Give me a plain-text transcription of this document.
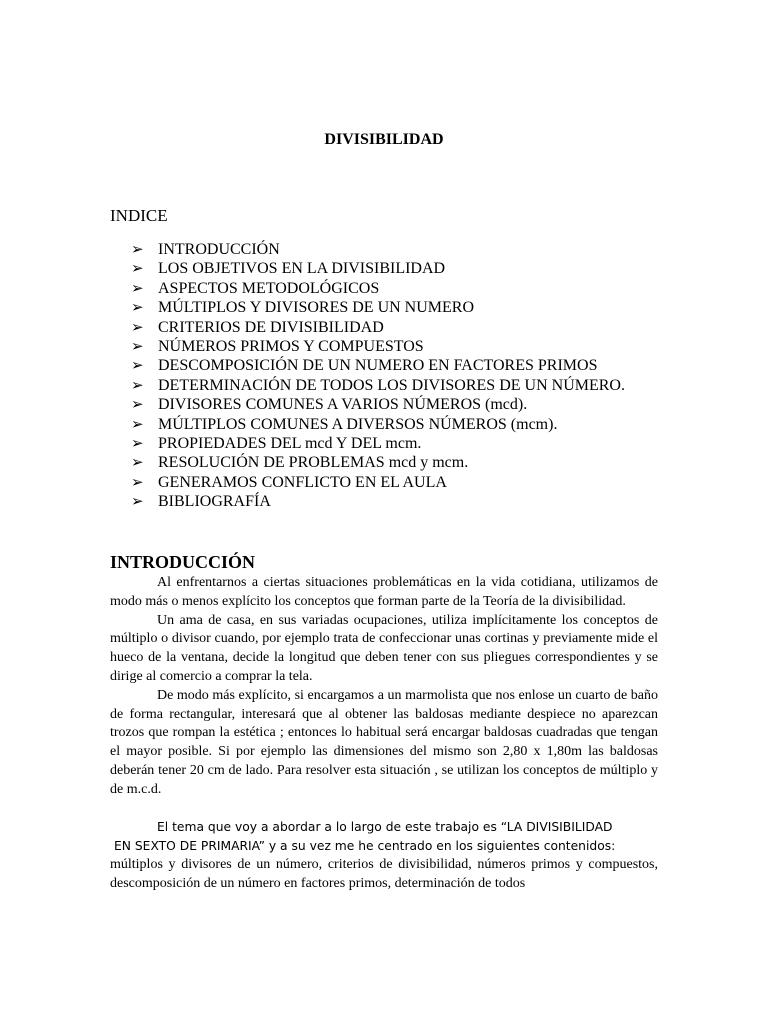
DIVISIBILIDAD
INDICE
➢ INTRODUCCIÓN
➢ LOS OBJETIVOS EN LA DIVISIBILIDAD
➢ ASPECTOS METODOLÓGICOS
➢ MÚLTIPLOS Y DIVISORES DE UN NUMERO
➢ CRITERIOS DE DIVISIBILIDAD
➢ NÚMEROS PRIMOS Y COMPUESTOS
➢ DESCOMPOSICIÓN DE UN NUMERO EN FACTORES PRIMOS
➢ DETERMINACIÓN DE TODOS LOS DIVISORES DE UN NÚMERO.
➢ DIVISORES COMUNES A VARIOS NÚMEROS (mcd).
➢ MÚLTIPLOS COMUNES A DIVERSOS NÚMEROS (mcm).
➢ PROPIEDADES DEL mcd Y DEL mcm.
➢ RESOLUCIÓN DE PROBLEMAS mcd y mcm.
➢ GENERAMOS CONFLICTO EN EL AULA
➢ BIBLIOGRAFÍA
INTRODUCCIÓN

Al enfrentarnos a ciertas situaciones problemáticas en la vida cotidiana, utilizamos de modo más o menos explícito los conceptos que forman parte de la Teoría de la divisibilidad.

Un ama de casa, en sus variadas ocupaciones, utiliza implícitamente los conceptos de múltiplo o divisor cuando, por ejemplo trata de confeccionar unas cortinas y previamente mide el hueco de la ventana, decide la longitud que deben tener con sus pliegues correspondientes y se dirige al comercio a comprar la tela.

De modo más explícito, si encargamos a un marmolista que nos enlose un cuarto de baño de forma rectangular, interesará que al obtener las baldosas mediante despiece no aparezcan trozos que rompan la estética ; entonces lo habitual será encargar baldosas cuadradas que tengan el mayor posible. Si por ejemplo las dimensiones del mismo son 2,80 x 1,80m las baldosas deberán tener 20 cm de lado. Para resolver esta situación , se utilizan los conceptos de múltiplo y de m.c.d.

El tema que voy a abordar a lo largo de este trabajo es “LA DIVISIBILIDAD
EN SEXTO DE PRIMARIA” y a su vez me he centrado en los siguientes contenidos:
múltiplos y divisores de un número, criterios de divisibilidad, números primos y compuestos, descomposición de un número en factores primos, determinación de todos
